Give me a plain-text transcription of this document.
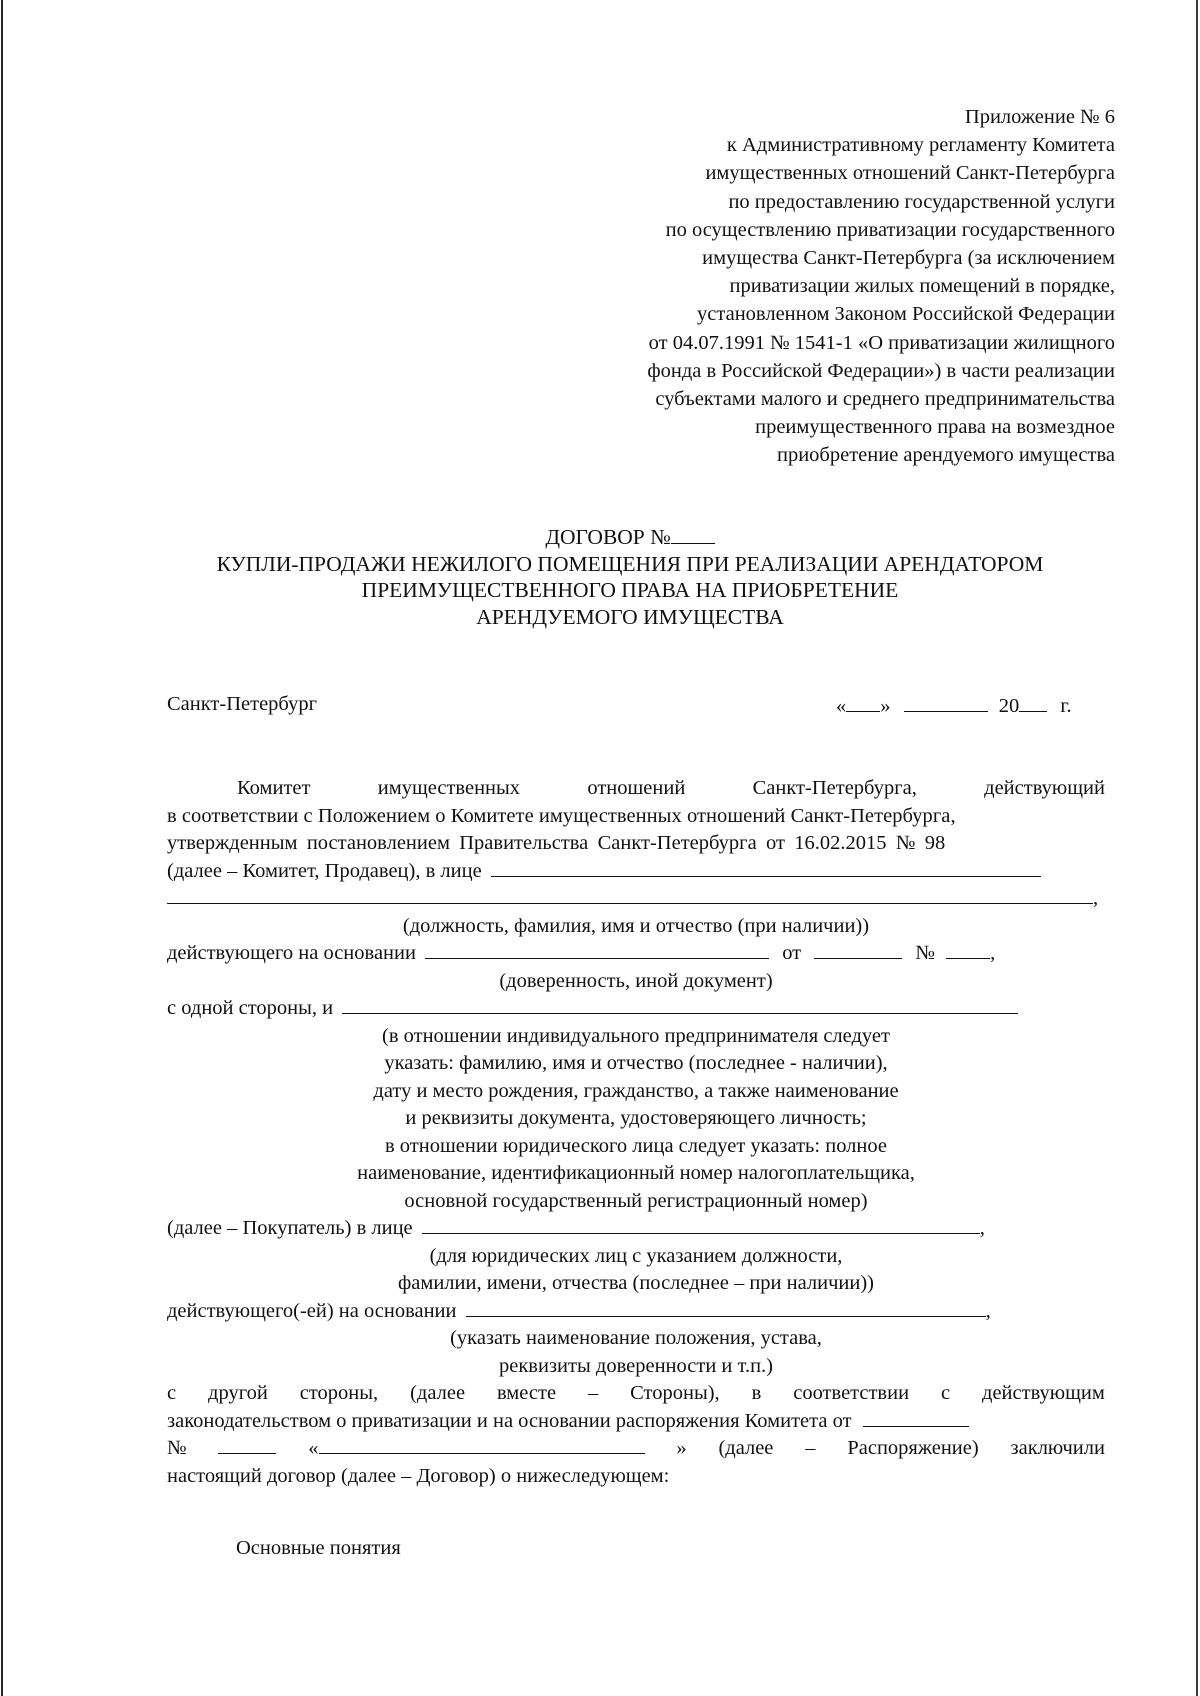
Приложение № 6
к Административному регламенту Комитета
имущественных отношений Санкт-Петербурга
по предоставлению государственной услуги
по осуществлению приватизации государственного
имущества Санкт-Петербурга (за исключением
приватизации жилых помещений в порядке,
установленном Законом Российской Федерации
от 04.07.1991 № 1541-1 «О приватизации жилищного
фонда в Российской Федерации») в части реализации
субъектами малого и среднего предпринимательства
преимущественного права на возмездное
приобретение арендуемого имущества
ДОГОВОР №
КУПЛИ-ПРОДАЖИ НЕЖИЛОГО ПОМЕЩЕНИЯ ПРИ РЕАЛИЗАЦИИ АРЕНДАТОРОМ
ПРЕИМУЩЕСТВЕННОГО ПРАВА НА ПРИОБРЕТЕНИЕ
АРЕНДУЕМОГО ИМУЩЕСТВА
Санкт-Петербург	« »	20 г.
Комитет	имущественных	отношений	Санкт-Петербурга,	действующий
в соответствии с Положением о Комитете имущественных отношений Санкт-Петербурга,
утвержденным постановлением Правительства Санкт-Петербурга от 16.02.2015 № 98
(далее – Комитет, Продавец), в лице
,
(должность, фамилия, имя и отчество (при наличии))
действующего на основании	от	№	,
(доверенность, иной документ)
с одной стороны, и
(в отношении индивидуального предпринимателя следует
указать: фамилию, имя и отчество (последнее - наличии),
дату и место рождения, гражданство, а также наименование
и реквизиты документа, удостоверяющего личность;
в отношении юридического лица следует указать: полное
наименование, идентификационный номер налогоплательщика,
основной государственный регистрационный номер)
(далее – Покупатель) в лице	,
(для юридических лиц с указанием должности,
фамилии, имени, отчества (последнее – при наличии))
действующего(-ей) на основании	,
(указать наименование положения, устава,
реквизиты доверенности и т.п.)
с другой стороны, (далее вместе – Стороны), в соответствии с действующим
законодательством о приватизации и на основании распоряжения Комитета от
№	«	» (далее – Распоряжение) заключили
настоящий договор (далее – Договор) о нижеследующем:
Основные понятия
